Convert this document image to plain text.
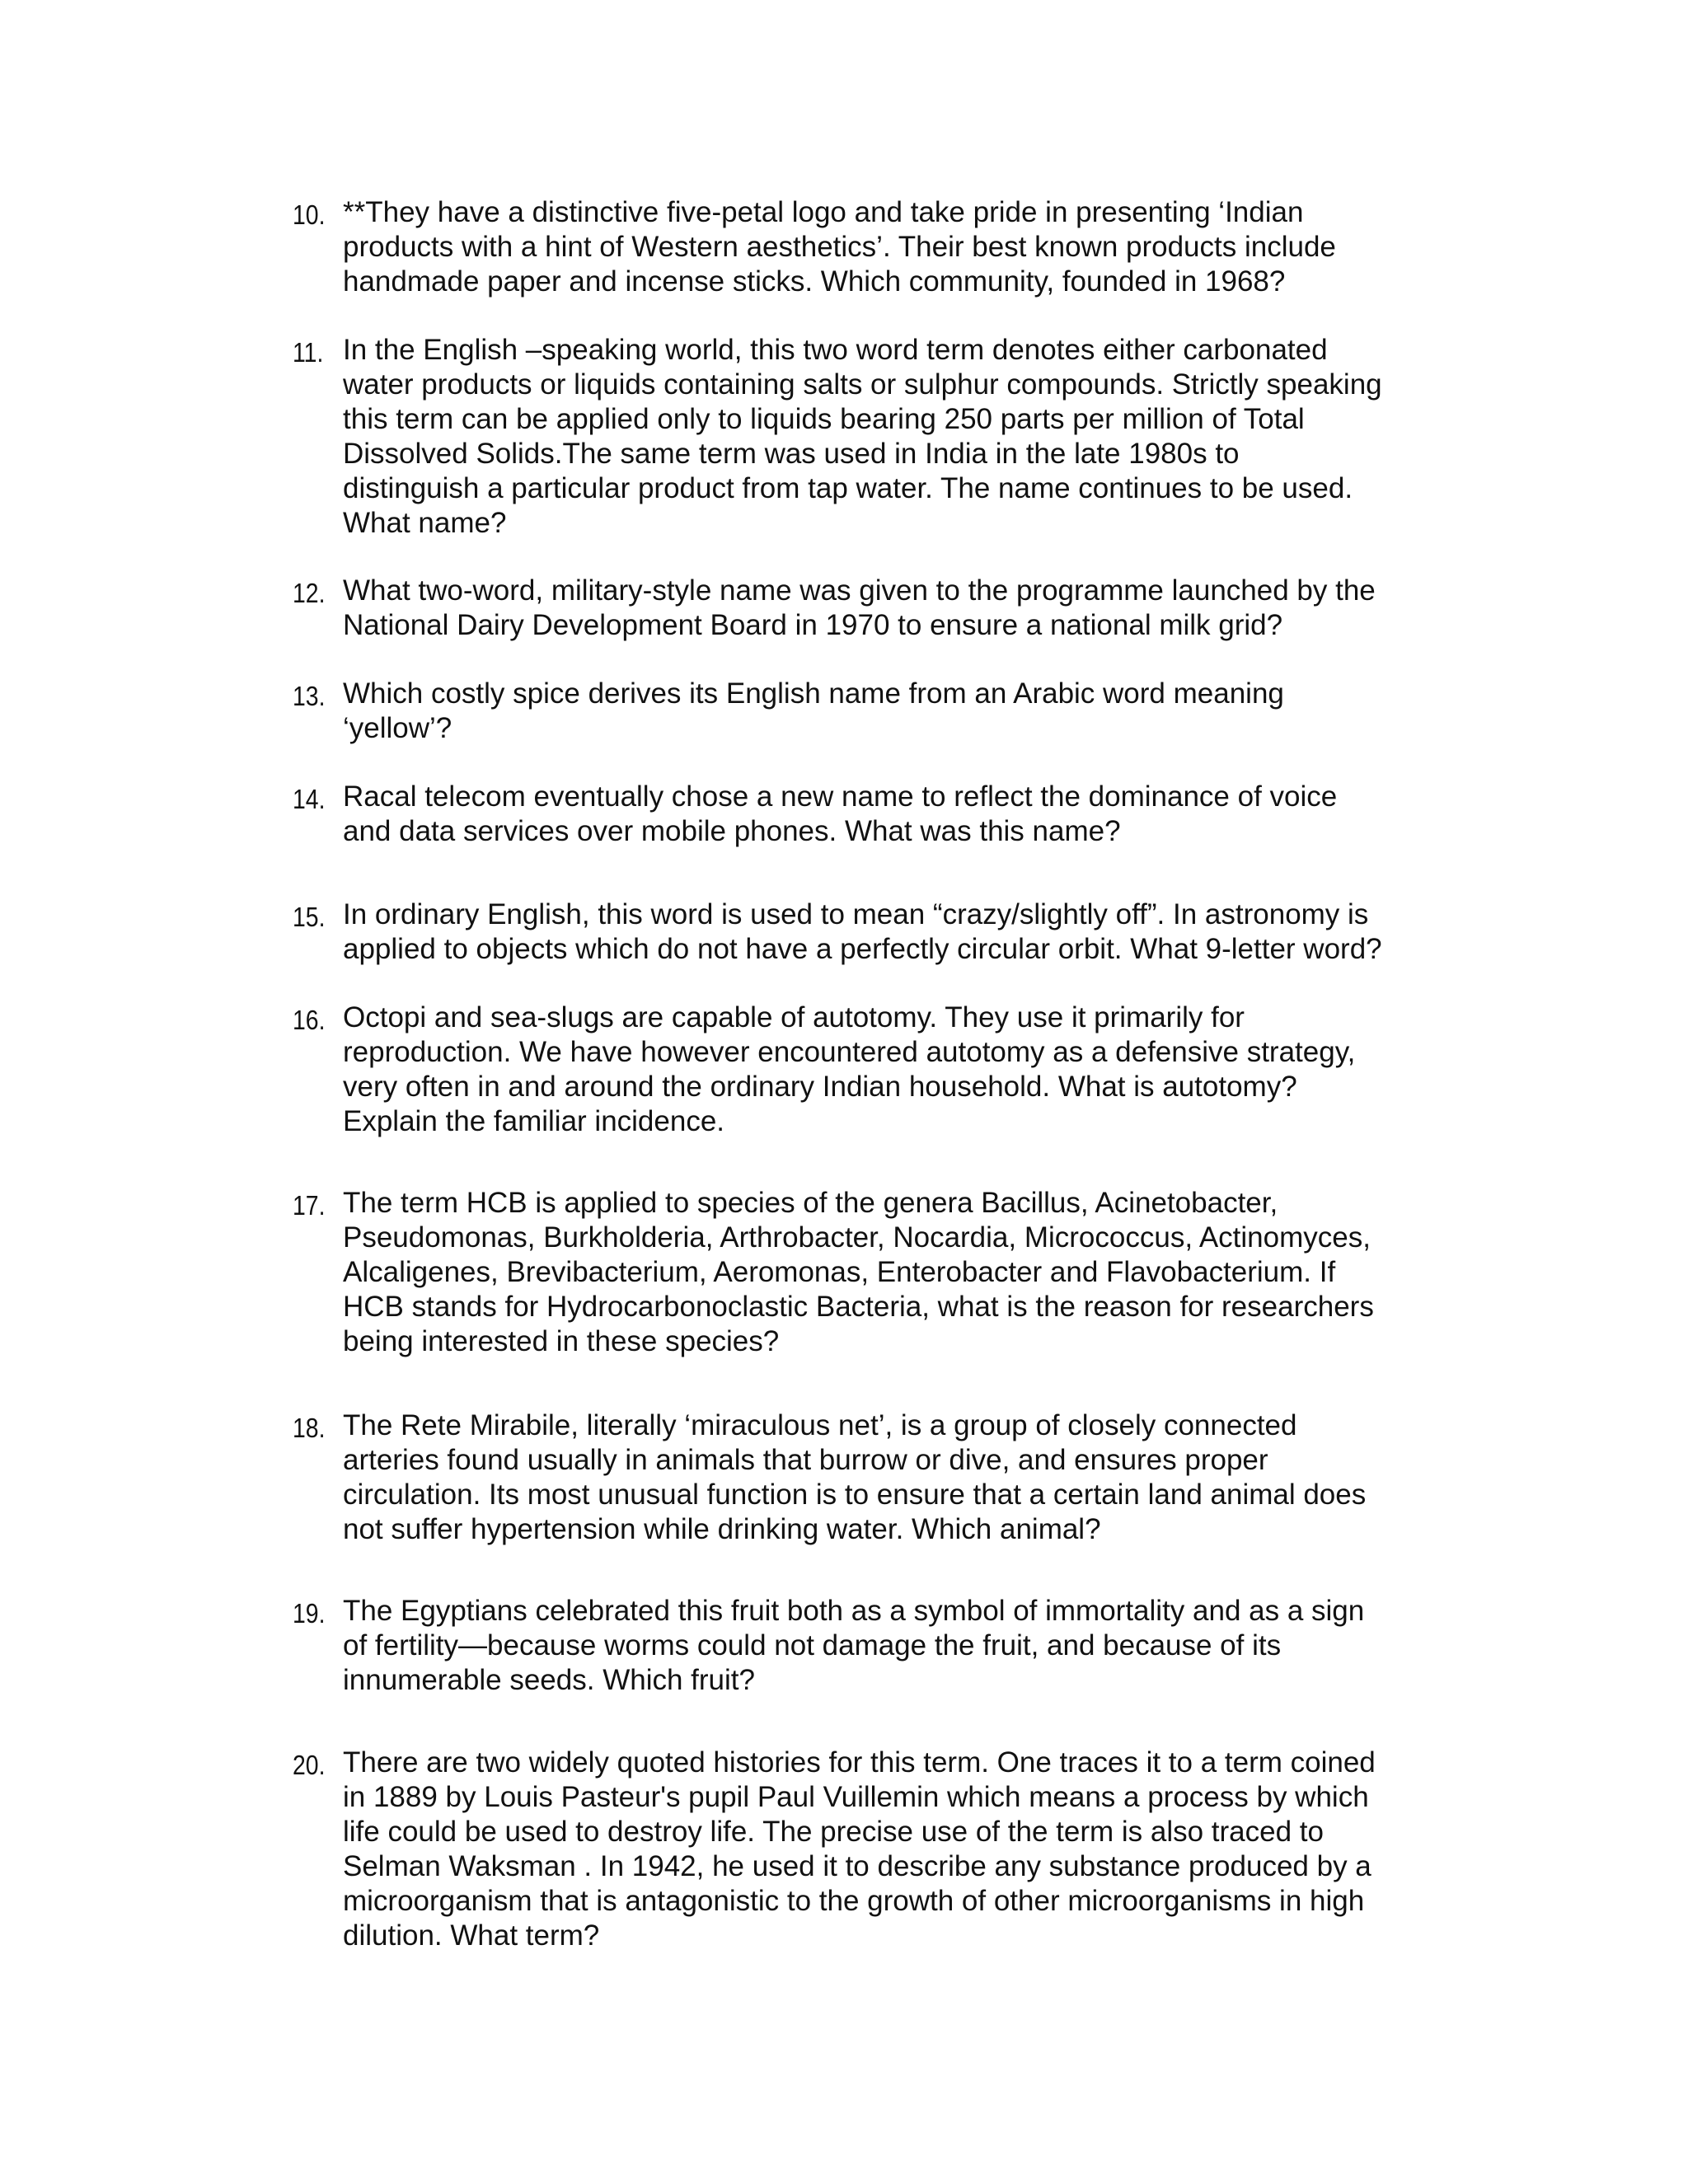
10. **They have a distinctive five-petal logo and take pride in presenting ‘Indian
products with a hint of Western aesthetics’. Their best known products include
handmade paper and incense sticks. Which community, founded in 1968?
11. In the English –speaking world, this two word term denotes either carbonated
water products or liquids containing salts or sulphur compounds. Strictly speaking
this term can be applied only to liquids bearing 250 parts per million of Total
Dissolved Solids.The same term was used in India in the late 1980s to
distinguish a particular product from tap water. The name continues to be used.
What name?
12. What two-word, military-style name was given to the programme launched by the
National Dairy Development Board in 1970 to ensure a national milk grid?
13. Which costly spice derives its English name from an Arabic word meaning
‘yellow’?
14. Racal telecom eventually chose a new name to reflect the dominance of voice
and data services over mobile phones. What was this name?
15. In ordinary English, this word is used to mean “crazy/slightly off”. In astronomy is
applied to objects which do not have a perfectly circular orbit. What 9-letter word?
16. Octopi and sea-slugs are capable of autotomy. They use it primarily for
reproduction. We have however encountered autotomy as a defensive strategy,
very often in and around the ordinary Indian household. What is autotomy?
Explain the familiar incidence.
17. The term HCB is applied to species of the genera Bacillus, Acinetobacter,
Pseudomonas, Burkholderia, Arthrobacter, Nocardia, Micrococcus, Actinomyces,
Alcaligenes, Brevibacterium, Aeromonas, Enterobacter and Flavobacterium. If
HCB stands for Hydrocarbonoclastic Bacteria, what is the reason for researchers
being interested in these species?
18. The Rete Mirabile, literally ‘miraculous net’, is a group of closely connected
arteries found usually in animals that burrow or dive, and ensures proper
circulation. Its most unusual function is to ensure that a certain land animal does
not suffer hypertension while drinking water. Which animal?
19. The Egyptians celebrated this fruit both as a symbol of immortality and as a sign
of fertility—because worms could not damage the fruit, and because of its
innumerable seeds. Which fruit?
20. There are two widely quoted histories for this term. One traces it to a term coined
in 1889 by Louis Pasteur's pupil Paul Vuillemin which means a process by which
life could be used to destroy life. The precise use of the term is also traced to
Selman Waksman . In 1942, he used it to describe any substance produced by a
microorganism that is antagonistic to the growth of other microorganisms in high
dilution. What term?
